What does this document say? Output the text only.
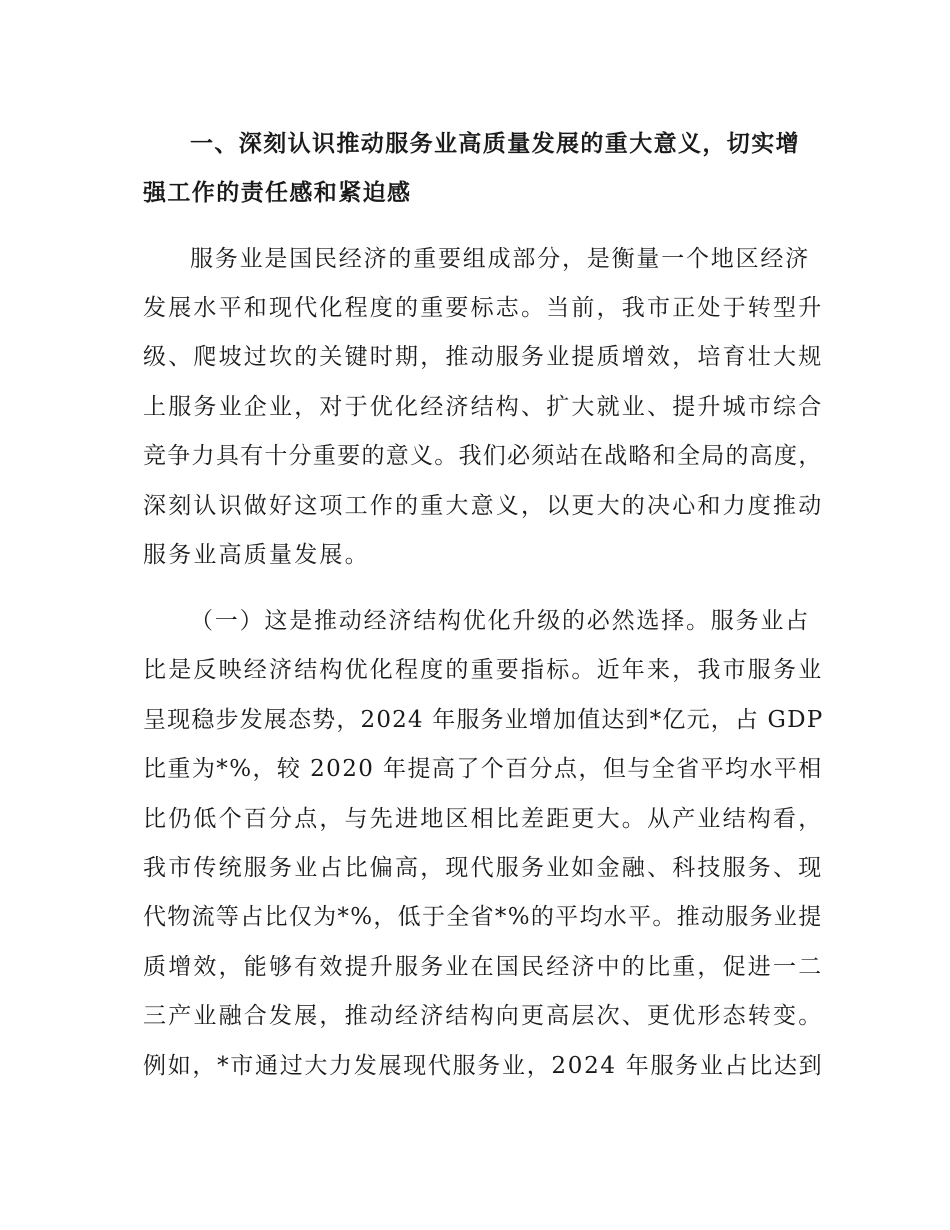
一、深刻认识推动服务业高质量发展的重大意义，切实增
强工作的责任感和紧迫感
服务业是国民经济的重要组成部分，是衡量一个地区经济
发展水平和现代化程度的重要标志。当前，我市正处于转型升
级、爬坡过坎的关键时期，推动服务业提质增效，培育壮大规
上服务业企业，对于优化经济结构、扩大就业、提升城市综合
竞争力具有十分重要的意义。我们必须站在战略和全局的高度，
深刻认识做好这项工作的重大意义，以更大的决心和力度推动
服务业高质量发展。
（一）这是推动经济结构优化升级的必然选择。服务业占
比是反映经济结构优化程度的重要指标。近年来，我市服务业
呈现稳步发展态势，2024 年服务业增加值达到*亿元，占 GDP
比重为*%，较 2020 年提高了个百分点，但与全省平均水平相
比仍低个百分点，与先进地区相比差距更大。从产业结构看，
我市传统服务业占比偏高，现代服务业如金融、科技服务、现
代物流等占比仅为*%，低于全省*%的平均水平。推动服务业提
质增效，能够有效提升服务业在国民经济中的比重，促进一二
三产业融合发展，推动经济结构向更高层次、更优形态转变。
例如，*市通过大力发展现代服务业，2024 年服务业占比达到
